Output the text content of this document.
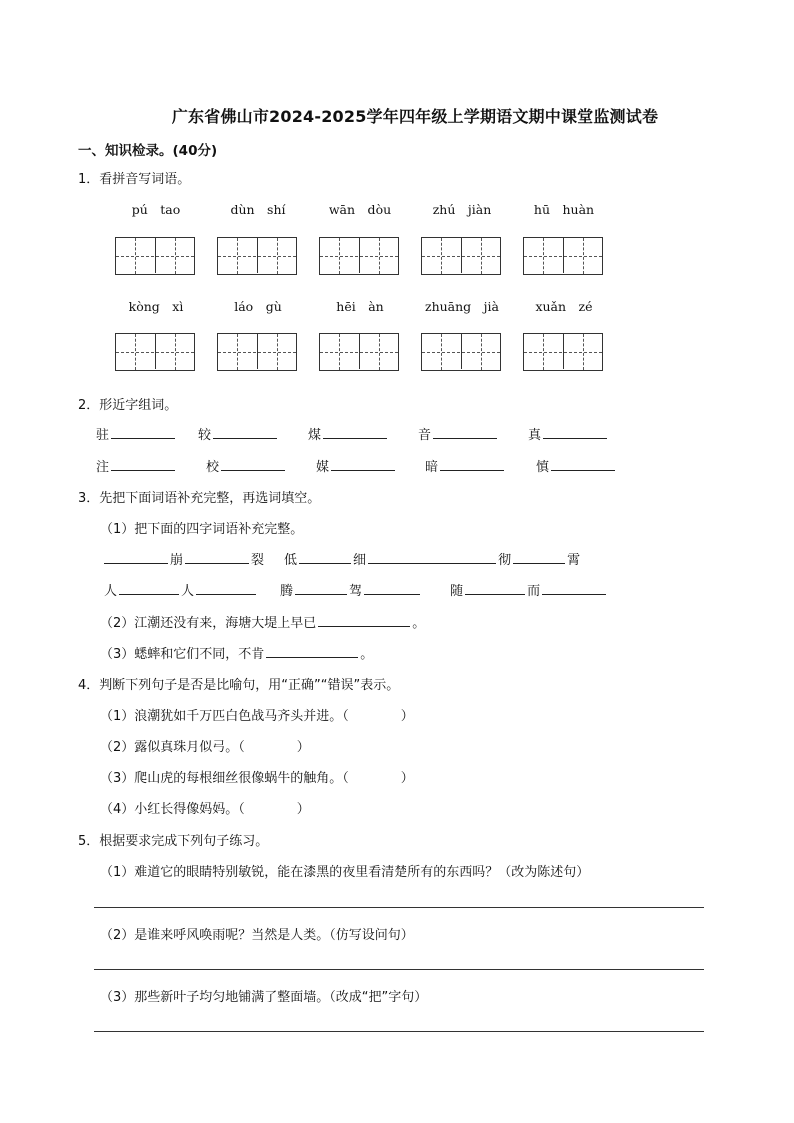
广东省佛山市2024-2025学年四年级上学期语文期中课堂监测试卷
一、知识检录。(40分)
1．看拼音写词语。
pú　tao	dùn　shí	wān　dòu	zhú　jiàn	hū　huàn
kòng　xì	láo　gù	hēi　àn	zhuāng　jià	xuǎn　zé
2．形近字组词。
驻	较	煤	音	真
注	校	媒	暗	慎
3．先把下面词语补充完整，再选词填空。
（1）把下面的四字词语补充完整。
崩	裂 低	细	彻	霄
人	人	腾	驾	随	而
（2）江潮还没有来，海塘大堤上早已	。
（3）蟋蟀和它们不同，不肯	。
4．判断下列句子是否是比喻句，用“正确”“错误”表示。
（1）浪潮犹如千万匹白色战马齐头并进。（	）
（2）露似真珠月似弓。（	）
（3）爬山虎的每根细丝很像蜗牛的触角。（	）
（4）小红长得像妈妈。（	）
5．根据要求完成下列句子练习。
（1）难道它的眼睛特别敏锐，能在漆黑的夜里看清楚所有的东西吗？（改为陈述句）
（2）是谁来呼风唤雨呢？当然是人类。（仿写设问句）
（3）那些新叶子均匀地铺满了整面墙。（改成“把”字句）
